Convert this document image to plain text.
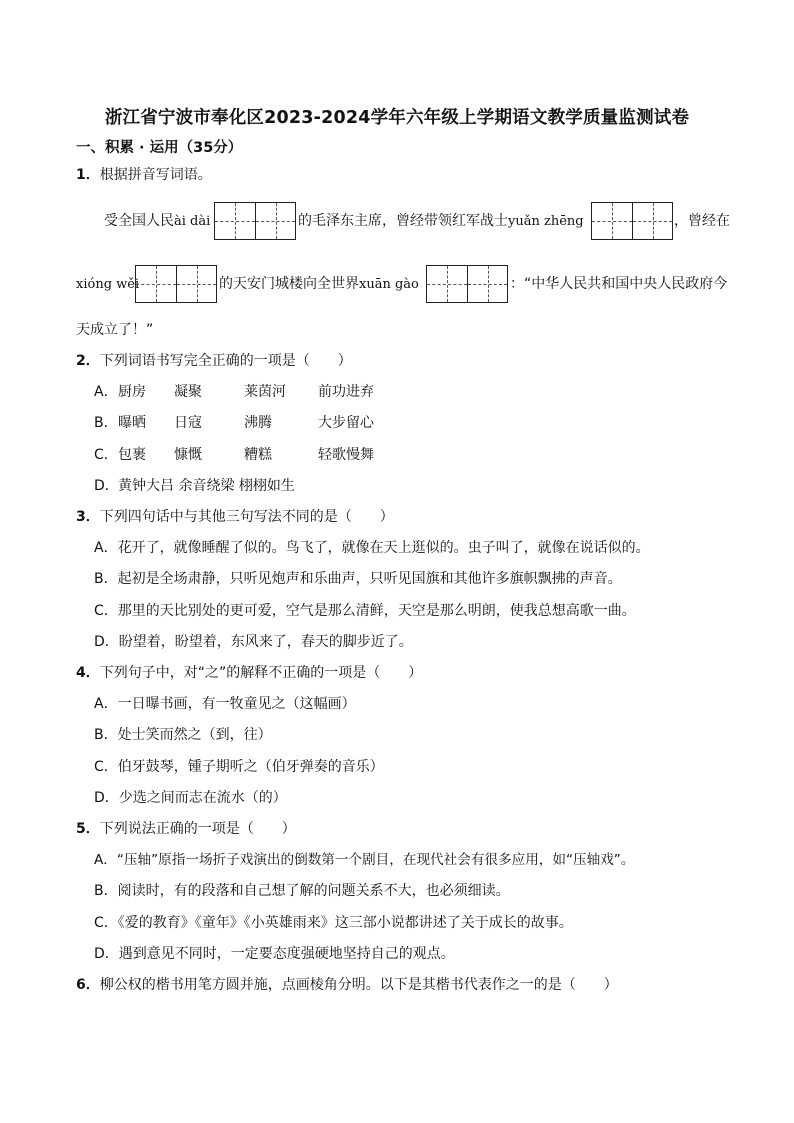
浙江省宁波市奉化区2023-2024学年六年级上学期语文教学质量监测试卷
一、积累 · 运用（35分）
1．根据拼音写词语。
受全国人民ài dài	的毛泽东主席，曾经带领红军战士yuǎn zhēng	，曾经在
xióng wěi	的天安门城楼向全世界xuān gào	：“中华人民共和国中央人民政府今
天成立了！”
2．下列词语书写完全正确的一项是（　　）
A．厨房 凝聚	莱茵河 前功进弃
B．曝晒 日寇	沸腾	大步留心
C．包裹 慷慨	糟糕	轻歌慢舞
D．黄钟大吕 余音绕梁 栩栩如生
3．下列四句话中与其他三句写法不同的是（　　）
A．花开了，就像睡醒了似的。鸟飞了，就像在天上逛似的。虫子叫了，就像在说话似的。
B．起初是全场肃静，只听见炮声和乐曲声，只听见国旗和其他许多旗帜飘拂的声音。
C．那里的天比别处的更可爱，空气是那么清鲜，天空是那么明朗，使我总想高歌一曲。
D．盼望着，盼望着，东风来了，春天的脚步近了。
4．下列句子中，对“之”的解释不正确的一项是（　　）
A．一日曝书画，有一牧童见之（这幅画）
B．处士笑而然之（到，往）
C．伯牙鼓琴，锺子期听之（伯牙弹奏的音乐）
D．少选之间而志在流水（的）
5．下列说法正确的一项是（　　）
A．“压轴”原指一场折子戏演出的倒数第一个剧目，在现代社会有很多应用，如“压轴戏”。
B．阅读时，有的段落和自己想了解的问题关系不大，也必须细读。
C．《爱的教育》《童年》《小英雄雨来》这三部小说都讲述了关于成长的故事。
D．遇到意见不同时，一定要态度强硬地坚持自己的观点。
6．柳公权的楷书用笔方圆并施，点画棱角分明。以下是其楷书代表作之一的是（　　）
